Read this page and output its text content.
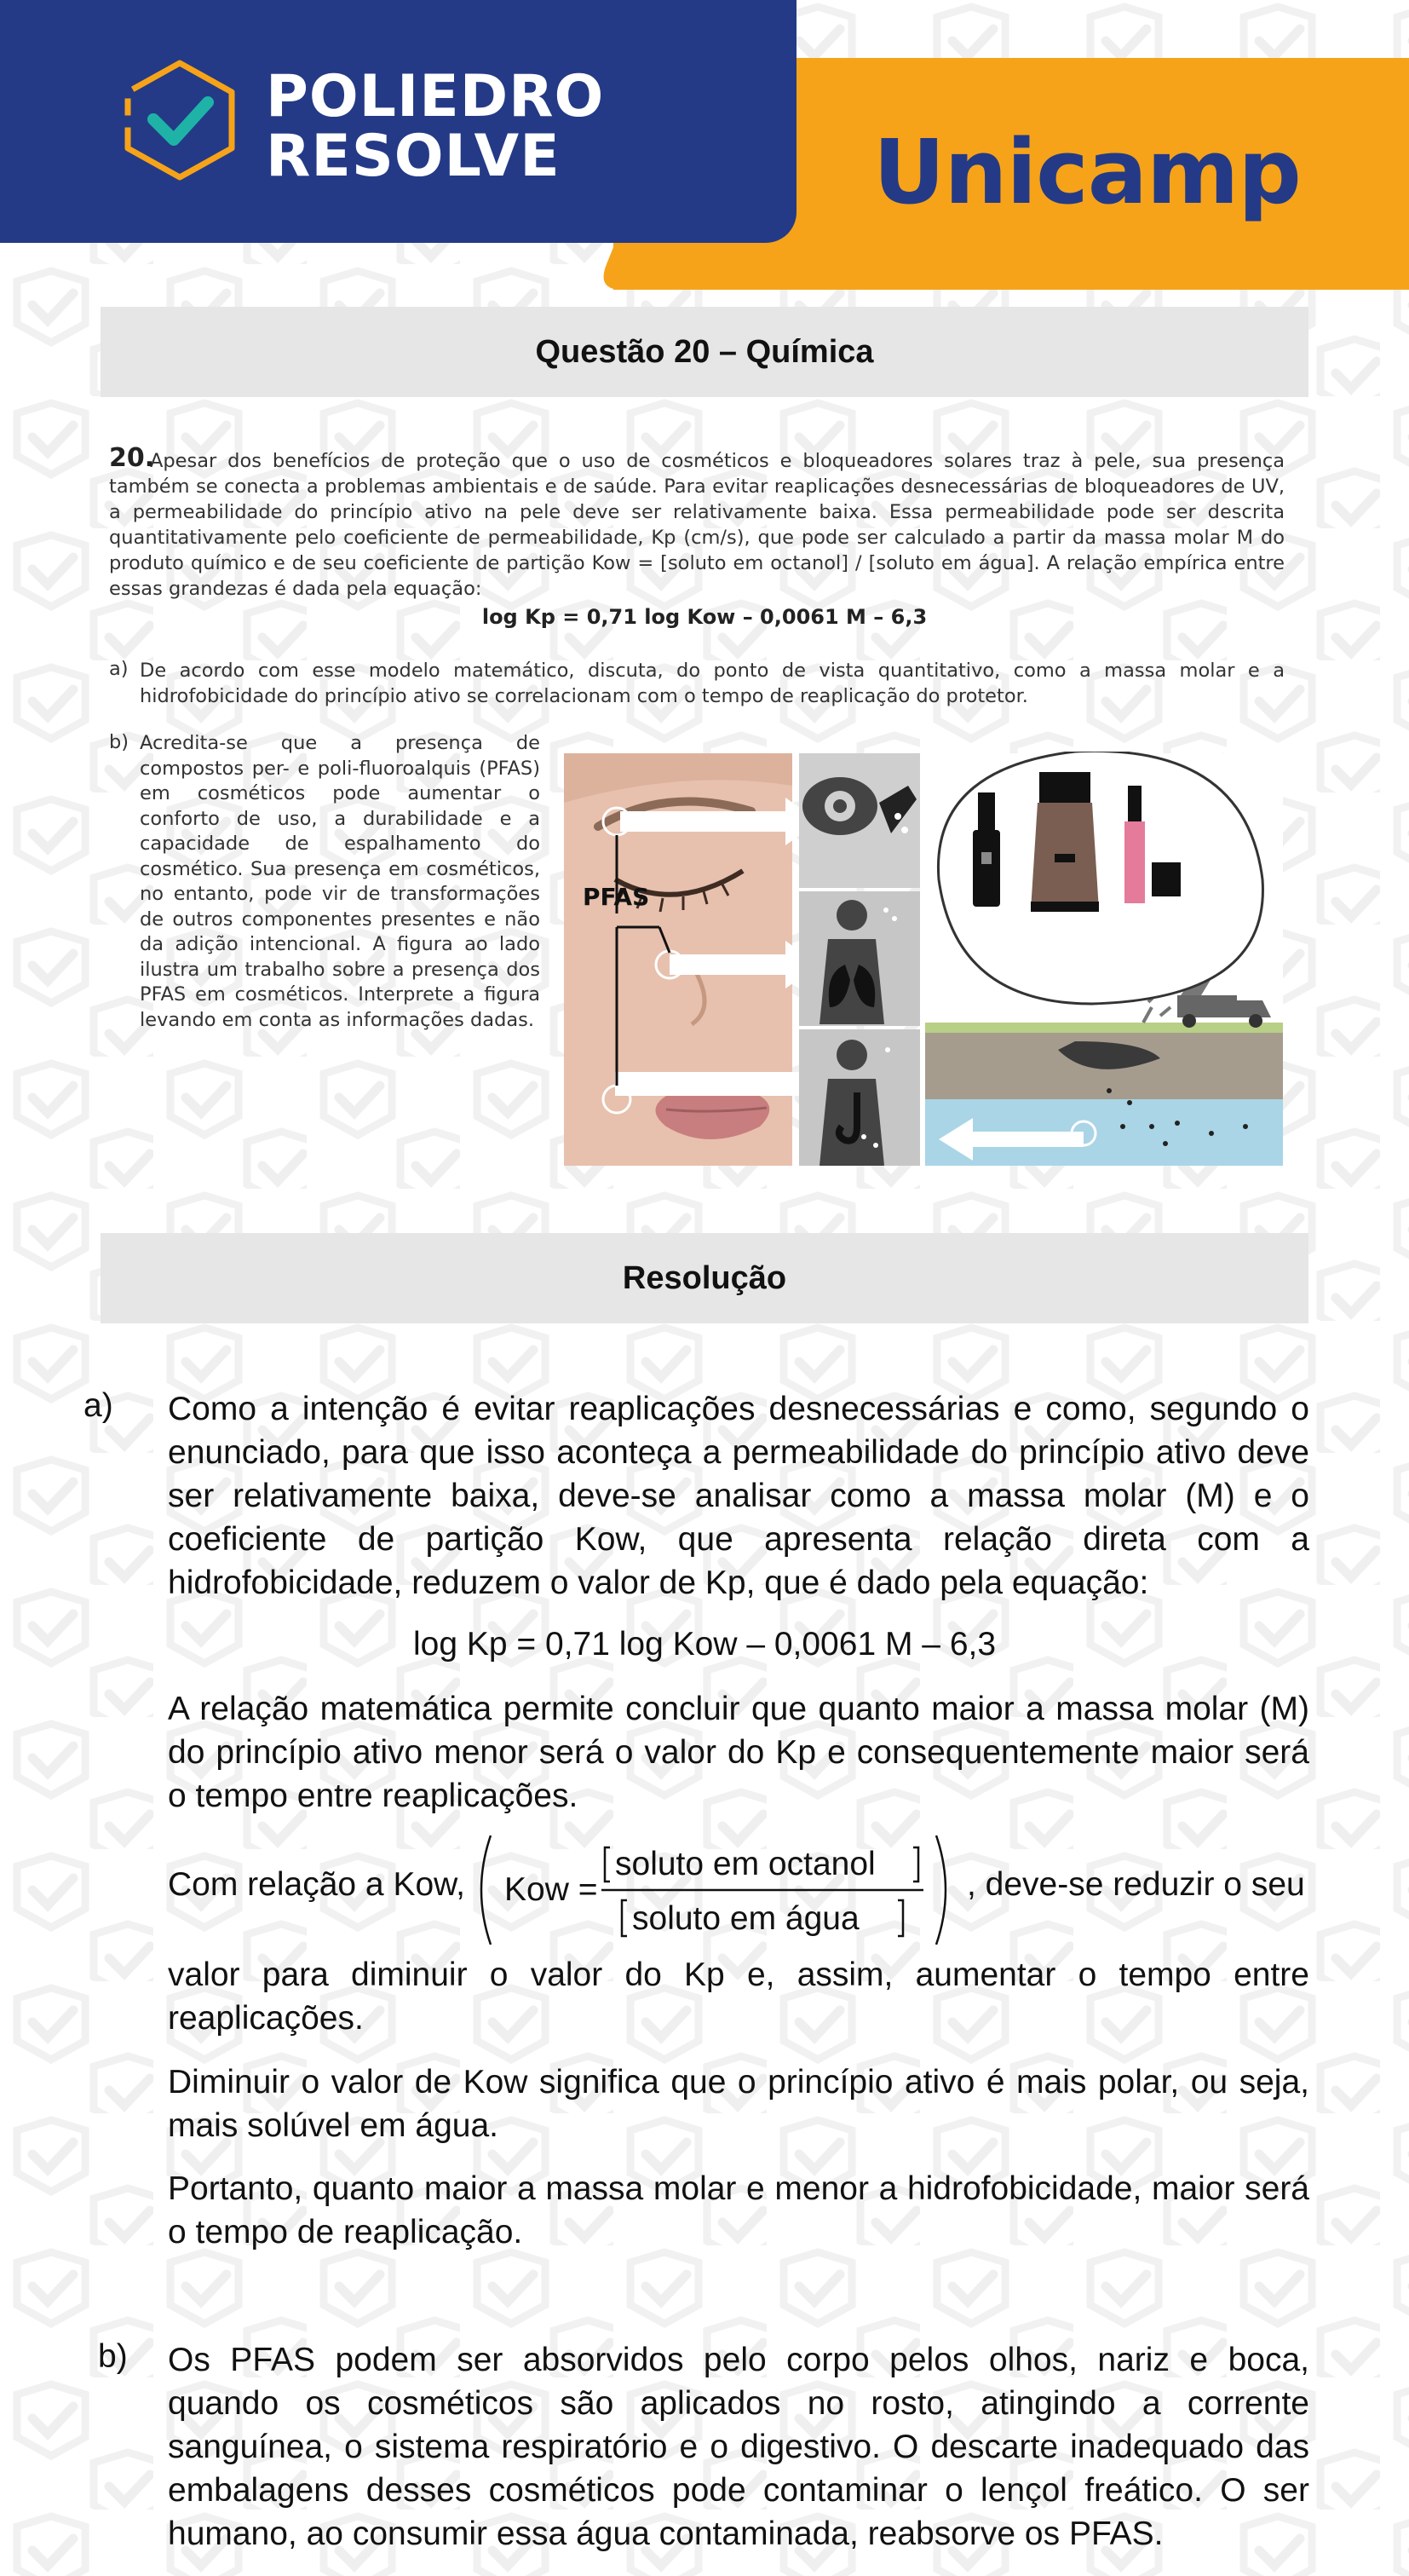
POLIEDRO
RESOLVE	Unicamp
Questão 20 – Química
20.
Apesar dos benefícios de proteção que o uso de cosméticos e bloqueadores solares traz à pele, sua presença também se conecta a problemas ambientais e de saúde. Para evitar reaplicações desnecessárias de bloqueadores de UV, a permeabilidade do princípio ativo na pele deve ser relativamente baixa. Essa permeabilidade pode ser descrita quantitativamente pelo coeficiente de permeabilidade, Kp (cm/s), que pode ser calculado a partir da massa molar M do produto químico e de seu coeficiente de partição Kow = [soluto em octanol] / [soluto em água]. A relação empírica entre essas grandezas é dada pela equação:
log Kp = 0,71 log Kow – 0,0061 M – 6,3
a) De acordo com esse modelo matemático, discuta, do ponto de vista quantitativo, como a massa molar e a hidrofobicidade do princípio ativo se correlacionam com o tempo de reaplicação do protetor.
b) Acredita-se que a presença de compostos per- e poli-fluoroalquis (PFAS) em cosméticos pode aumentar o conforto de uso, a durabilidade e a capacidade de espalhamento do cosmético. Sua presença em cosméticos, no entanto, pode vir de transformações de outros componentes presentes e não da adição intencional. A figura ao lado ilustra um trabalho sobre a presença dos PFAS em cosméticos. Interprete a figura levando em conta as informações dadas.
PFAS
Resolução
a) Como a intenção é evitar reaplicações desnecessárias e como, segundo o enunciado, para que isso aconteça a permeabilidade do princípio ativo deve ser relativamente baixa, deve-se analisar como a massa molar (M) e o coeficiente de partição Kow, que apresenta relação direta com a hidrofobicidade, reduzem o valor de Kp, que é dado pela equação:
log Kp = 0,71 log Kow – 0,0061 M – 6,3
A relação matemática permite concluir que quanto maior a massa molar (M) do princípio ativo menor será o valor do Kp e consequentemente maior será o tempo entre reaplicações.
Com relação a Kow, Kow =
soluto em octanol
soluto em água
, deve-se reduzir o seu
valor para diminuir o valor do Kp e, assim, aumentar o tempo entre reaplicações.
Diminuir o valor de Kow significa que o princípio ativo é mais polar, ou seja, mais solúvel em água.
Portanto, quanto maior a massa molar e menor a hidrofobicidade, maior será o tempo de reaplicação.
b) Os PFAS podem ser absorvidos pelo corpo pelos olhos, nariz e boca, quando os cosméticos são aplicados no rosto, atingindo a corrente sanguínea, o sistema respiratório e o digestivo. O descarte inadequado das embalagens desses cosméticos pode contaminar o lençol freático. O ser humano, ao consumir essa água contaminada, reabsorve os PFAS.
